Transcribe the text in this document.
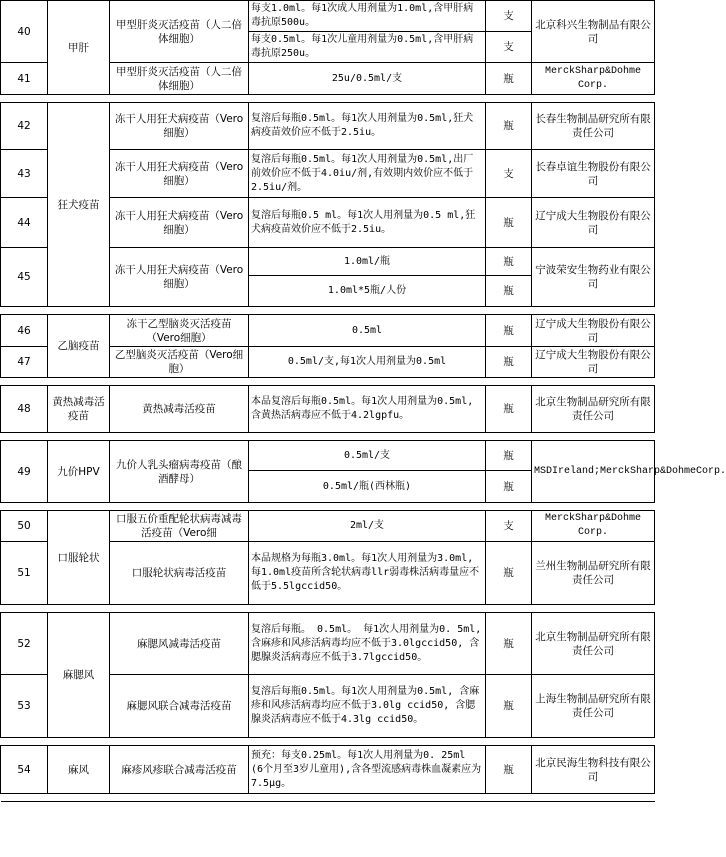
40	甲肝	甲型肝炎灭活疫苗（人二倍体细胞）	每支1.0ml。每1次成人用剂量为1.0ml,含甲肝病毒抗原500u。	支	北京科兴生物制品有限公司
			每支0.5ml。每1次儿童用剂量为0.5ml,含甲肝病毒抗原250u。	支	
41		甲型肝炎灭活疫苗（人二倍体细胞）	25u/0.5ml/支	瓶	MerckSharp&Dohme Corp.

42	狂犬疫苗	冻干人用狂犬病疫苗（Vero细胞）	复溶后每瓶0.5ml。每1次人用剂量为0.5ml,狂犬病疫苗效价应不低于2.5iu。	瓶	长春生物制品研究所有限责任公司
43		冻干人用狂犬病疫苗（Vero细胞）	复溶后每瓶0.5ml。每1次人用剂量为0.5ml,出厂前效价应不低于4.0iu/剂,有效期内效价应不低于2.5iu/剂。	支	长春卓谊生物股份有限公司
44		冻干人用狂犬病疫苗（Vero细胞）	复溶后每瓶0.5 ml。每1次人用剂量为0.5 ml,狂犬病疫苗效价应不低于2.5iu。	瓶	辽宁成大生物股份有限公司
45		冻干人用狂犬病疫苗（Vero细胞）	1.0ml/瓶	瓶	宁波荣安生物药业有限公司
			1.0ml*5瓶/人份	瓶	

46	乙脑疫苗	冻干乙型脑炎灭活疫苗（Vero细胞）	0.5ml	瓶	辽宁成大生物股份有限公司
47		乙型脑炎灭活疫苗（Vero细胞）	0.5ml/支,每1次人用剂量为0.5ml	瓶	辽宁成大生物股份有限公司

48	黄热减毒活疫苗	黄热减毒活疫苗	本品复溶后每瓶0.5ml。每1次人用剂量为0.5ml,含黄热活病毒应不低于4.2lgpfu。	瓶	北京生物制品研究所有限责任公司

49	九价HPV	九价人乳头瘤病毒疫苗（酿酒酵母）	0.5ml/支	瓶	MSDIreland;MerckSharp&DohmeCorp.
			0.5ml/瓶(西林瓶)	瓶	

50	口服轮状	口服五价重配轮状病毒减毒活疫苗（Vero细	2ml/支	支	MerckSharp&Dohme Corp.
51		口服轮状病毒活疫苗	本品规格为每瓶3.0ml。每1次人用剂量为3.0ml, 每1.0ml疫苗所含轮状病毒llr弱毒株活病毒量应不低于5.5lgccid50。	瓶	兰州生物制品研究所有限责任公司

52	麻腮风	麻腮风减毒活疫苗	复溶后每瓶。 0.5ml。 每1次人用剂量为0. 5ml, 含麻疹和风疹活病毒均应不低于3.0lgccid50, 含腮腺炎活病毒应不低于3.7lgccid50。	瓶	北京生物制品研究所有限责任公司
53		麻腮风联合减毒活疫苗	复溶后每瓶0.5ml。每1次人用剂量为0.5ml, 含麻疹和风疹活病毒均应不低于3.0lg ccid50, 含腮腺炎活病毒应不低于4.3lg ccid50。	瓶	上海生物制品研究所有限责任公司

54	麻风	麻疹风疹联合减毒活疫苗	预充：每支0.25ml。每1次人用剂量为0. 25ml (6个月至3岁儿童用),含各型流感病毒株血凝素应为7.5μg。	瓶	北京民海生物科技有限公司
